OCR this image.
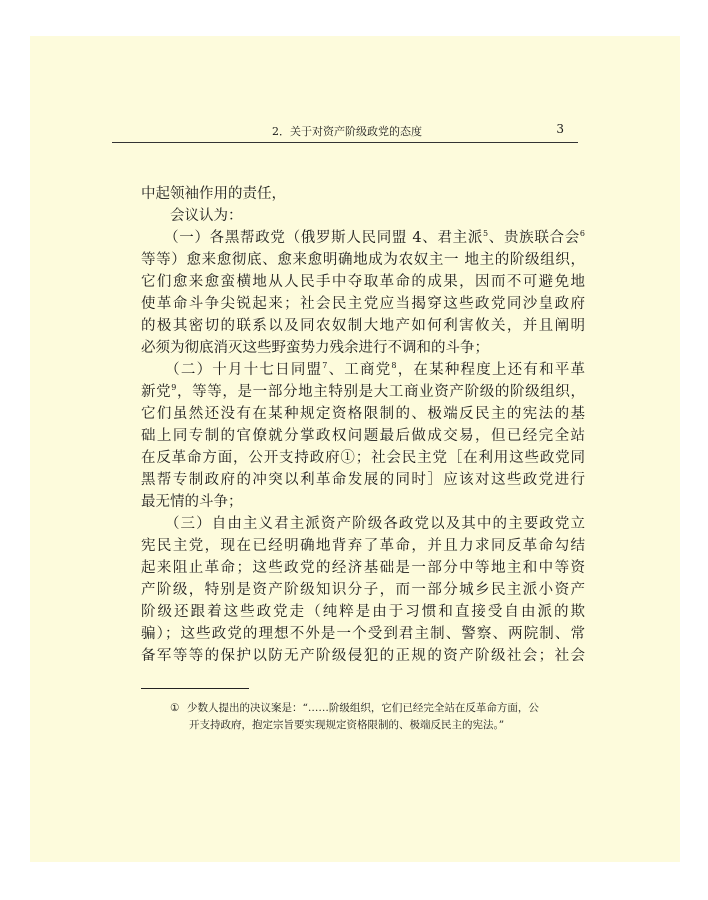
2．关于对资产阶级政党的态度	3

中起领袖作用的责任，

　　会议认为：

　　（一）各黑帮政党（俄罗斯人民同盟 4、君主派$^5$、贵族联合会$^6$

等等）愈来愈彻底、愈来愈明确地成为农奴主一 地主的阶级组织，

它们愈来愈蛮横地从人民手中夺取革命的成果，因而不可避免地

使革命斗争尖锐起来；社会民主党应当揭穿这些政党同沙皇政府

的极其密切的联系以及同农奴制大地产如何利害攸关，并且阐明

必须为彻底消灭这些野蛮势力残余进行不调和的斗争；

　　（二）十月十七日同盟$^7$、工商党$^8$，在某种程度上还有和平革

新党$^9$，等等，是一部分地主特别是大工商业资产阶级的阶级组织，

它们虽然还没有在某种规定资格限制的、极端反民主的宪法的基

础上同专制的官僚就分掌政权问题最后做成交易，但已经完全站

在反革命方面，公开支持政府①；社会民主党［在利用这些政党同

黑帮专制政府的冲突以利革命发展的同时］应该对这些政党进行

最无情的斗争；

　　（三）自由主义君主派资产阶级各政党以及其中的主要政党立

宪民主党，现在已经明确地背弃了革命，并且力求同反革命勾结

起来阻止革命；这些政党的经济基础是一部分中等地主和中等资

产阶级，特别是资产阶级知识分子，而一部分城乡民主派小资产

阶级还跟着这些政党走（纯粹是由于习惯和直接受自由派的欺

骗）；这些政党的理想不外是一个受到君主制、警察、两院制、常

备军等等的保护以防无产阶级侵犯的正规的资产阶级社会；社会

① 少数人提出的决议案是：“……阶级组织，它们已经完全站在反革命方面，公
开支持政府，抱定宗旨要实现规定资格限制的、极端反民主的宪法。”
